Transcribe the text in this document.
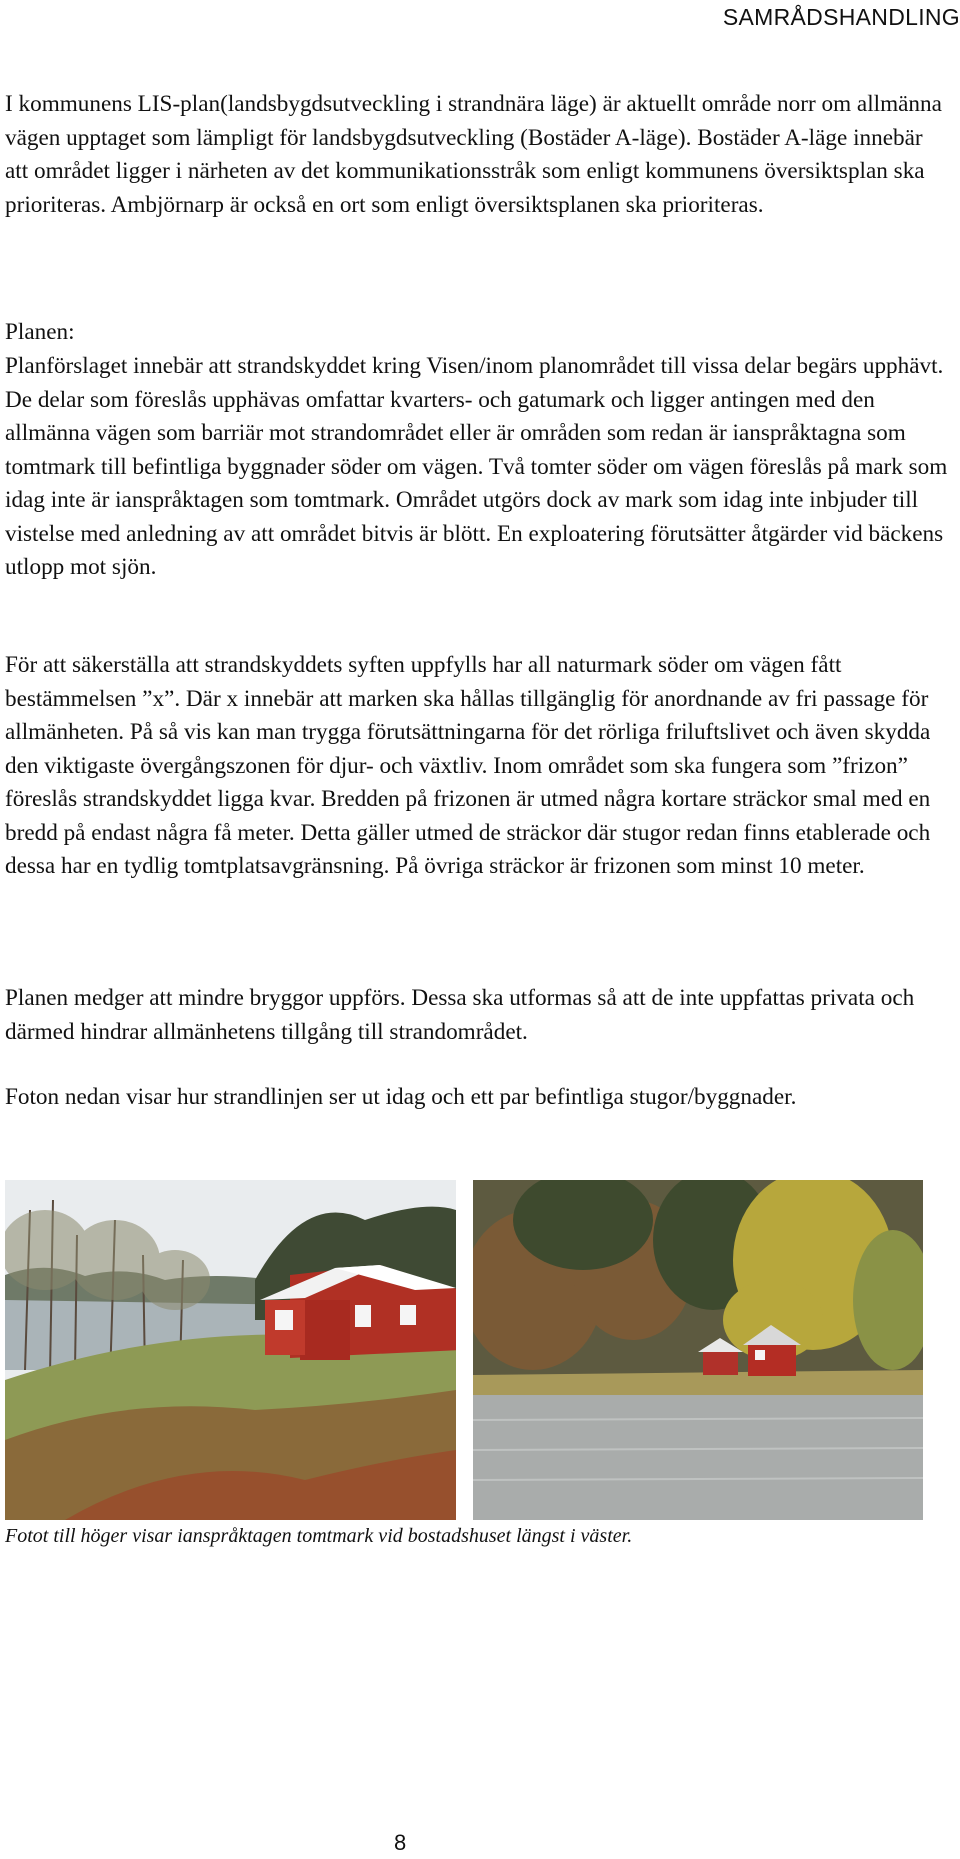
SAMRÅDSHANDLING

I kommunens LIS-plan(landsbygdsutveckling i strandnära läge) är aktuellt område norr om allmänna vägen upptaget som lämpligt för landsbygdsutveckling (Bostäder A-läge). Bostäder A-läge innebär att området ligger i närheten av det kommunikationsstråk som enligt kommunens översiktsplan ska prioriteras. Ambjörnarp är också en ort som enligt översiktsplanen ska prioriteras.

Planen:

Planförslaget innebär att strandskyddet kring Visen/inom planområdet till vissa delar begärs upphävt. De delar som föreslås upphävas omfattar kvarters- och gatumark och ligger antingen med den allmänna vägen som barriär mot strandområdet eller är områden som redan är ianspråktagna som tomtmark till befintliga byggnader söder om vägen. Två tomter söder om vägen föreslås på mark som idag inte är ianspråktagen som tomtmark. Området utgörs dock av mark som idag inte inbjuder till vistelse med anledning av att området bitvis är blött. En exploatering förutsätter åtgärder vid bäckens utlopp mot sjön.

För att säkerställa att strandskyddets syften uppfylls har all naturmark söder om vägen fått bestämmelsen ”x”. Där x innebär att marken ska hållas tillgänglig för anordnande av fri passage för allmänheten. På så vis kan man trygga förutsättningarna för det rörliga friluftslivet och även skydda den viktigaste övergångszonen för djur- och växtliv. Inom området som ska fungera som ”frizon” föreslås strandskyddet ligga kvar. Bredden på frizonen är utmed några kortare sträckor smal med en bredd på endast några få meter. Detta gäller utmed de sträckor där stugor redan finns etablerade och dessa har en tydlig tomtplatsavgränsning. På övriga sträckor är frizonen som minst 10 meter.

Planen medger att mindre bryggor uppförs. Dessa ska utformas så att de inte uppfattas privata och därmed hindrar allmänhetens tillgång till strandområdet.

Foton nedan visar hur strandlinjen ser ut idag och ett par befintliga stugor/byggnader.

Fotot till höger visar ianspråktagen tomtmark vid bostadshuset längst i väster.
8
